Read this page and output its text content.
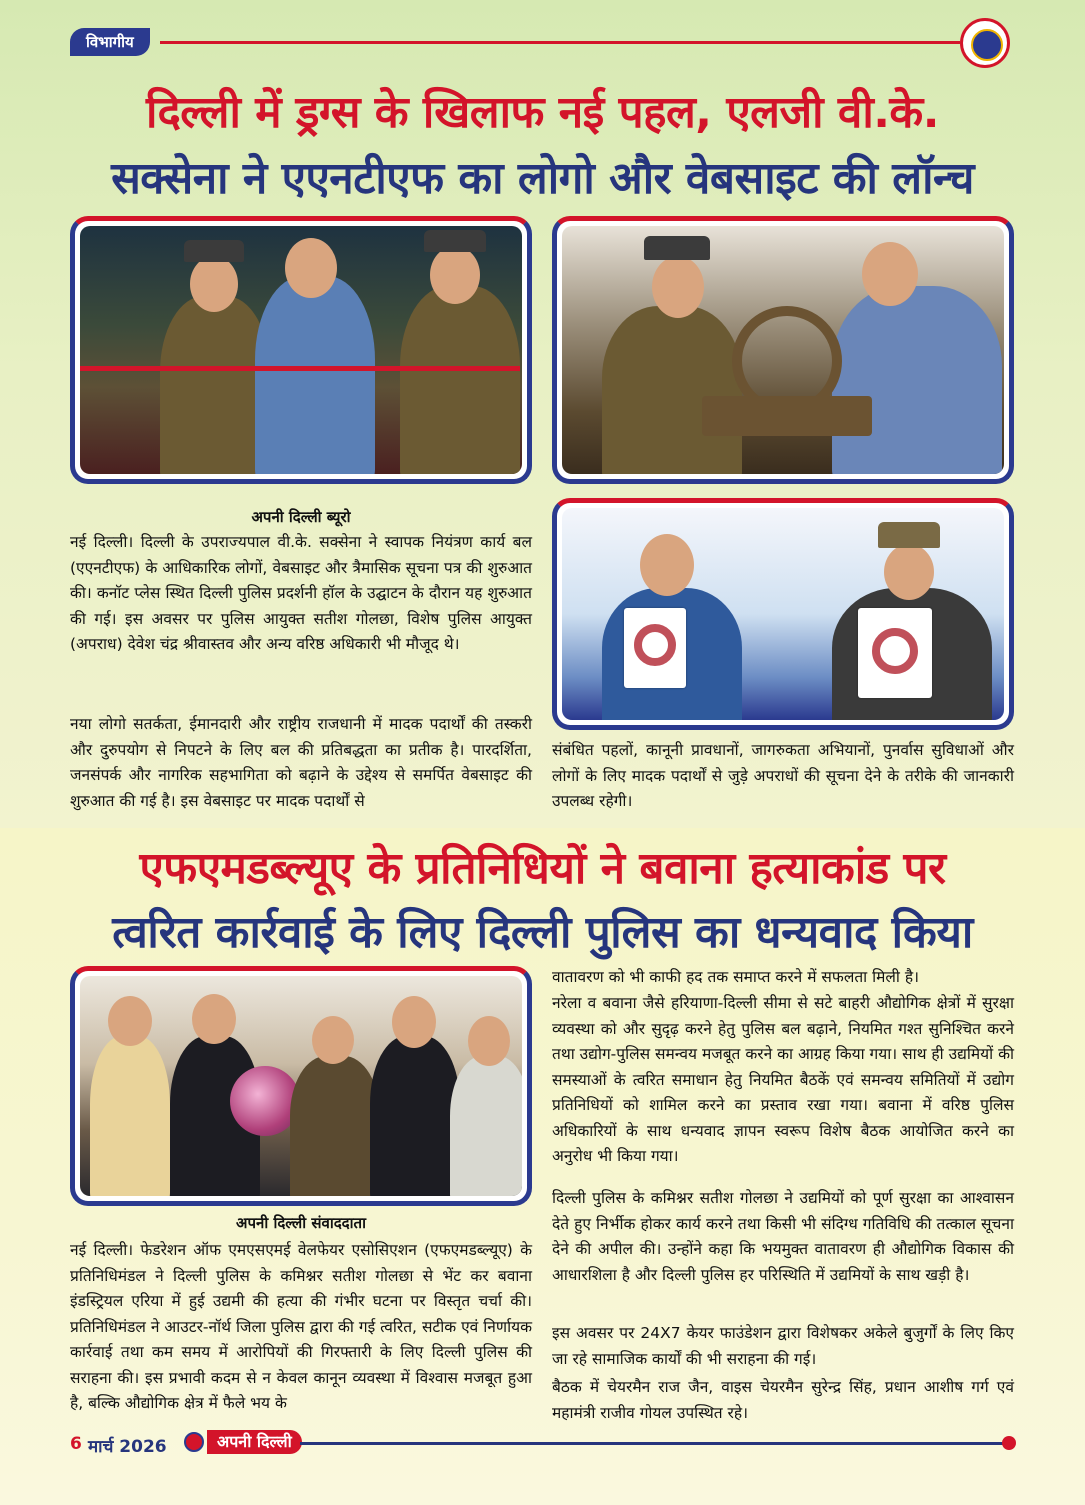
विभागीय
दिल्ली में ड्रग्स के खिलाफ नई पहल, एलजी वी.के.
सक्सेना ने एएनटीएफ का लोगो और वेबसाइट की लॉन्च
अपनी दिल्ली ब्यूरो

नई दिल्ली। दिल्ली के उपराज्यपाल वी.के. सक्सेना ने स्वापक नियंत्रण कार्य बल (एएनटीएफ) के आधिकारिक लोगों, वेबसाइट और त्रैमासिक सूचना पत्र की शुरुआत की। कनॉट प्लेस स्थित दिल्ली पुलिस प्रदर्शनी हॉल के उद्घाटन के दौरान यह शुरुआत की गई। इस अवसर पर पुलिस आयुक्त सतीश गोलछा, विशेष पुलिस आयुक्त (अपराध) देवेश चंद्र श्रीवास्तव और अन्य वरिष्ठ अधिकारी भी मौजूद थे।

नया लोगो सतर्कता, ईमानदारी और राष्ट्रीय राजधानी में मादक पदार्थों की तस्करी और दुरुपयोग से निपटने के लिए बल की प्रतिबद्धता का प्रतीक है। पारदर्शिता, जनसंपर्क और नागरिक सहभागिता को बढ़ाने के उद्देश्य से समर्पित वेबसाइट की शुरुआत की गई है। इस वेबसाइट पर मादक पदार्थों से

संबंधित पहलों, कानूनी प्रावधानों, जागरुकता अभियानों, पुनर्वास सुविधाओं और लोगों के लिए मादक पदार्थों से जुड़े अपराधों की सूचना देने के तरीके की जानकारी उपलब्ध रहेगी।

एफएमडब्ल्यूए के प्रतिनिधियों ने बवाना हत्याकांड पर
त्वरित कार्रवाई के लिए दिल्ली पुलिस का धन्यवाद किया
अपनी दिल्ली संवाददाता

नई दिल्ली। फेडरेशन ऑफ एमएसएमई वेलफेयर एसोसिएशन (एफएमडब्ल्यूए) के प्रतिनिधिमंडल ने दिल्ली पुलिस के कमिश्नर सतीश गोलछा से भेंट कर बवाना इंडस्ट्रियल एरिया में हुई उद्यमी की हत्या की गंभीर घटना पर विस्तृत चर्चा की। प्रतिनिधिमंडल ने आउटर-नॉर्थ जिला पुलिस द्वारा की गई त्वरित, सटीक एवं निर्णायक कार्रवाई तथा कम समय में आरोपियों की गिरफ्तारी के लिए दिल्ली पुलिस की सराहना की। इस प्रभावी कदम से न केवल कानून व्यवस्था में विश्वास मजबूत हुआ है, बल्कि औद्योगिक क्षेत्र में फैले भय के

वातावरण को भी काफी हद तक समाप्त करने में सफलता मिली है।

नरेला व बवाना जैसे हरियाणा-दिल्ली सीमा से सटे बाहरी औद्योगिक क्षेत्रों में सुरक्षा व्यवस्था को और सुदृढ़ करने हेतु पुलिस बल बढ़ाने, नियमित गश्त सुनिश्चित करने तथा उद्योग-पुलिस समन्वय मजबूत करने का आग्रह किया गया। साथ ही उद्यमियों की समस्याओं के त्वरित समाधान हेतु नियमित बैठकें एवं समन्वय समितियों में उद्योग प्रतिनिधियों को शामिल करने का प्रस्ताव रखा गया। बवाना में वरिष्ठ पुलिस अधिकारियों के साथ धन्यवाद ज्ञापन स्वरूप विशेष बैठक आयोजित करने का अनुरोध भी किया गया।

दिल्ली पुलिस के कमिश्नर सतीश गोलछा ने उद्यमियों को पूर्ण सुरक्षा का आश्वासन देते हुए निर्भीक होकर कार्य करने तथा किसी भी संदिग्ध गतिविधि की तत्काल सूचना देने की अपील की। उन्होंने कहा कि भयमुक्त वातावरण ही औद्योगिक विकास की आधारशिला है और दिल्ली पुलिस हर परिस्थिति में उद्यमियों के साथ खड़ी है।

इस अवसर पर 24X7 केयर फाउंडेशन द्वारा विशेषकर अकेले बुजुर्गों के लिए किए जा रहे सामाजिक कार्यों की भी सराहना की गई।

बैठक में चेयरमैन राज जैन, वाइस चेयरमैन सुरेन्द्र सिंह, प्रधान आशीष गर्ग एवं महामंत्री राजीव गोयल उपस्थित रहे।

6 मार्च 2026	अपनी दिल्ली
